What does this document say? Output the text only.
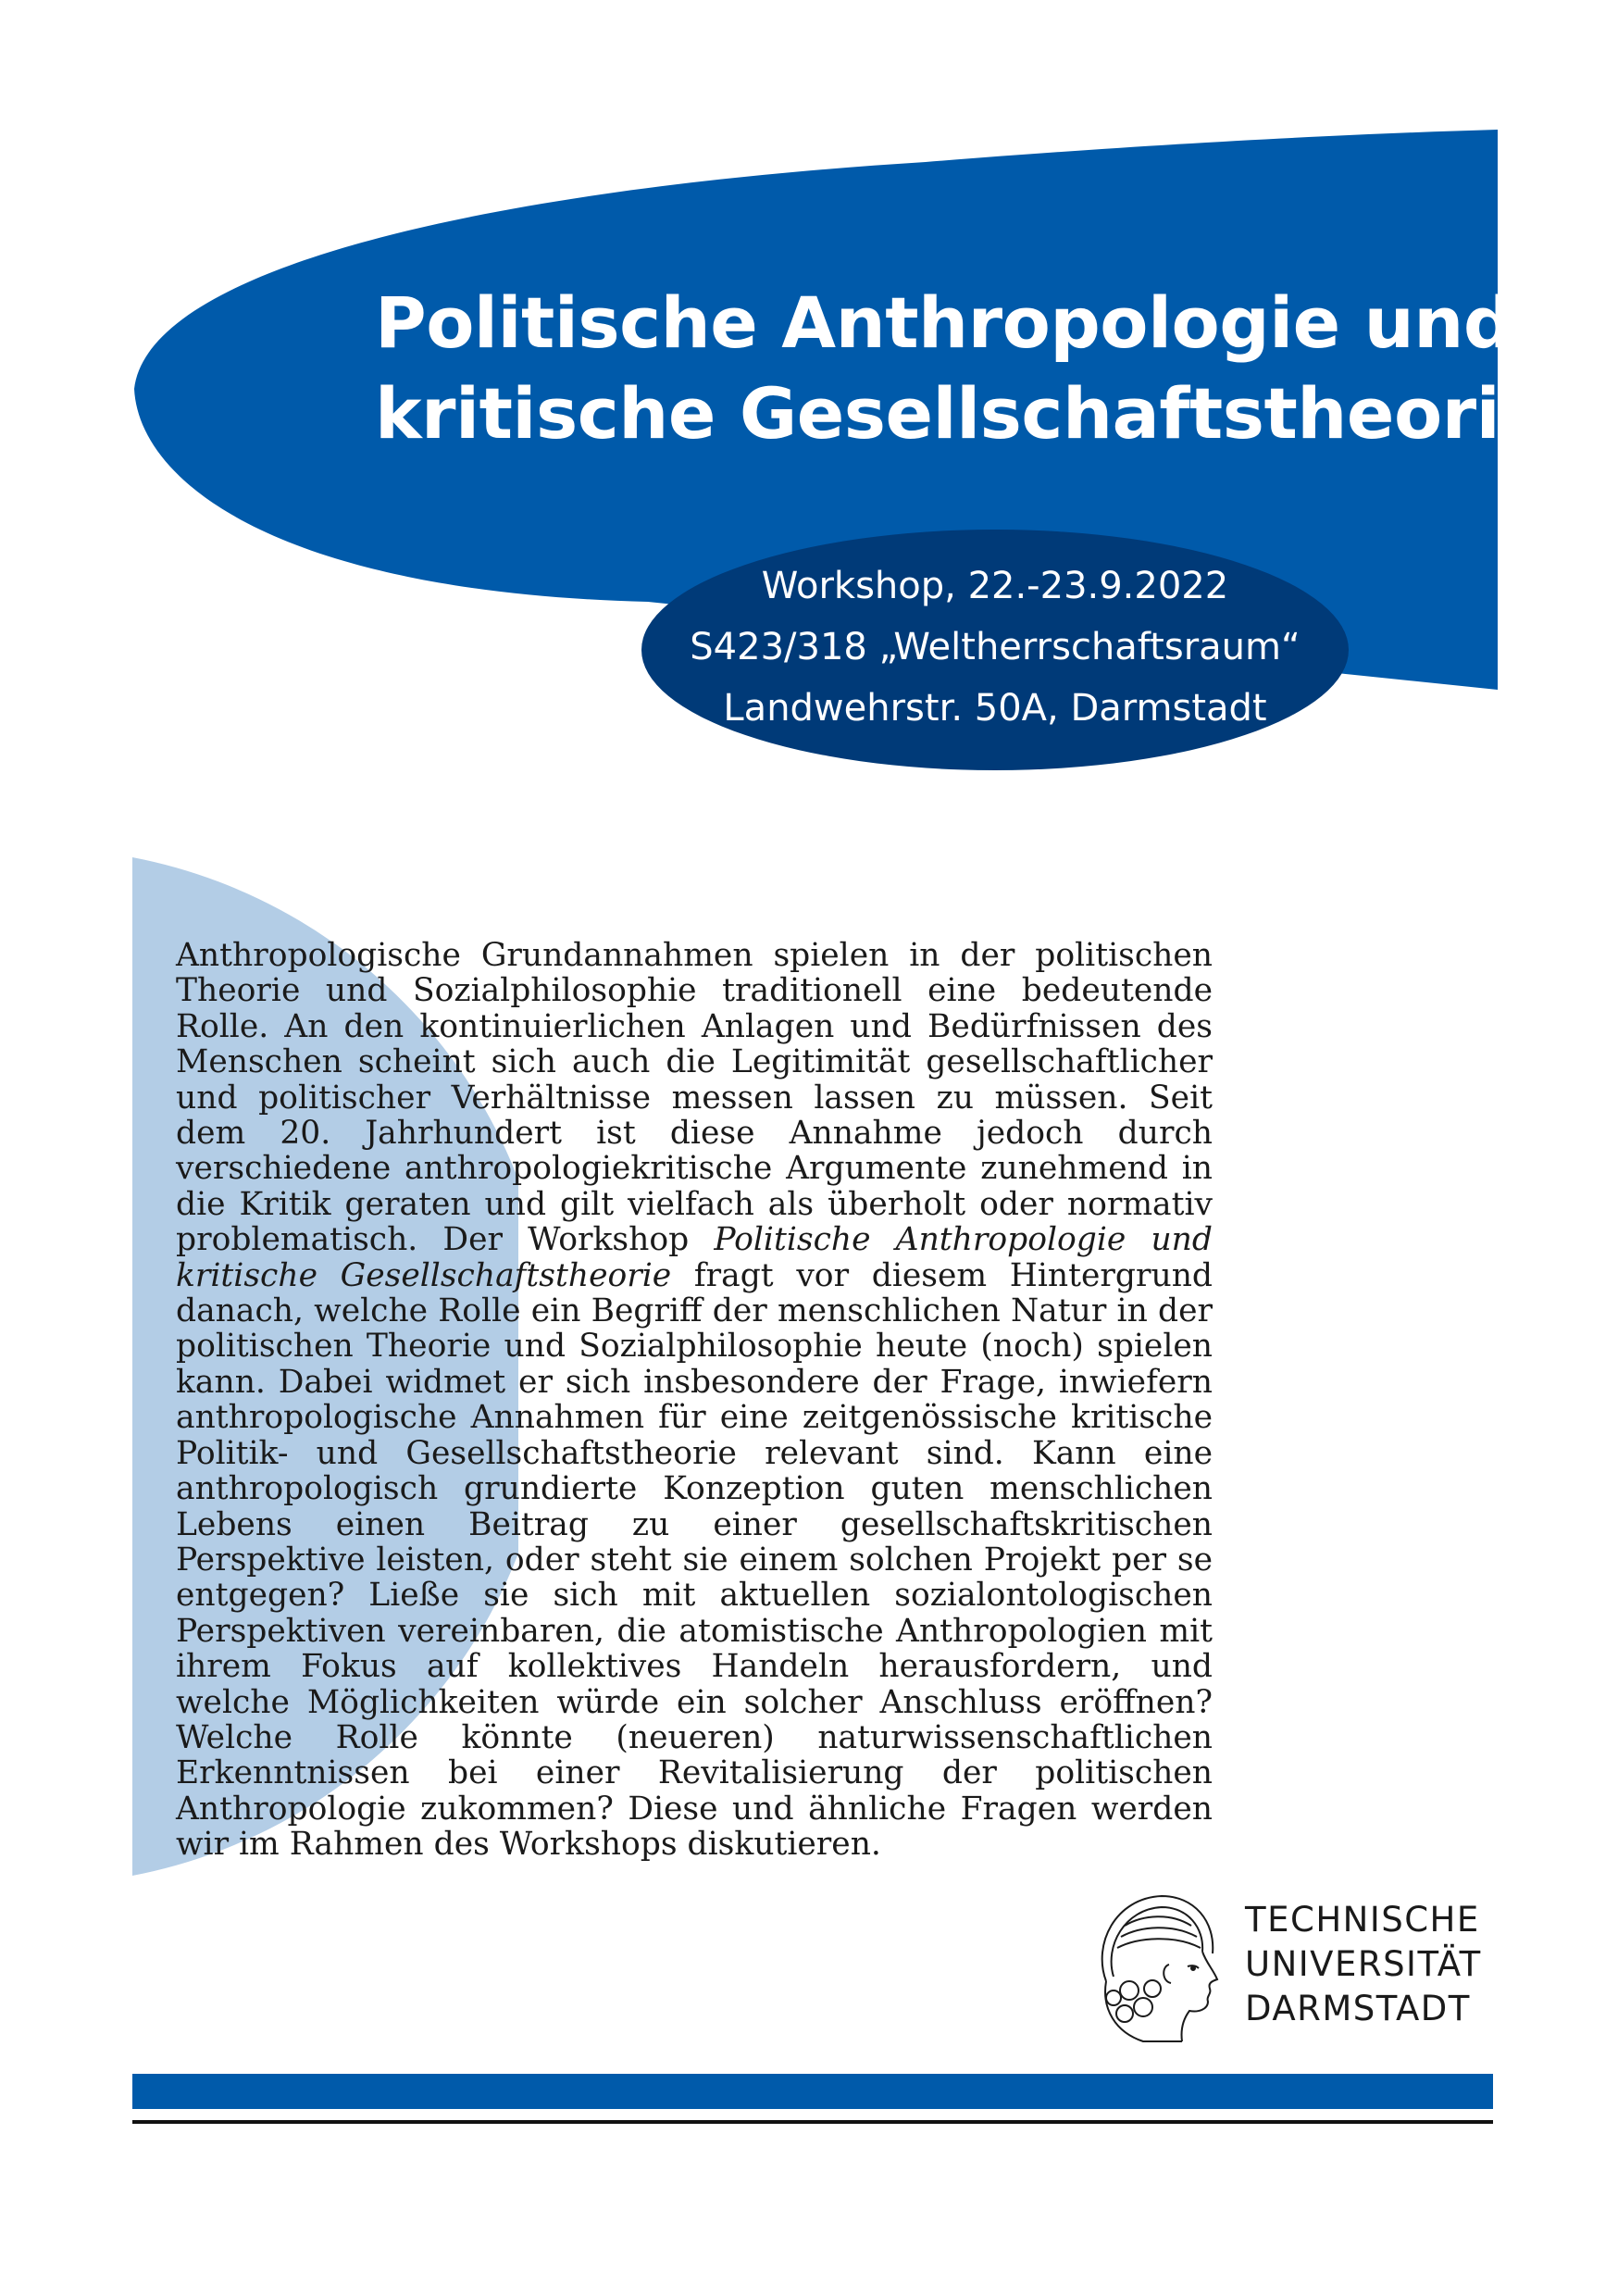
Politische Anthropologie und
kritische Gesellschaftstheorie
Workshop, 22.-23.9.2022
S423/318 „Weltherrschaftsraum“
Landwehrstr. 50A, Darmstadt
Anthropologische Grundannahmen spielen in der politischen Theorie und Sozialphilosophie traditionell eine bedeutende Rolle. An den kontinuierlichen Anlagen und Bedürfnissen des Menschen scheint sich auch die Legitimität gesellschaftlicher und politischer Verhältnisse messen lassen zu müssen. Seit dem 20. Jahrhundert ist diese Annahme jedoch durch verschiedene anthropologiekritische Argumente zunehmend in die Kritik geraten und gilt vielfach als überholt oder normativ problematisch. Der Workshop Politische Anthropologie und kritische Gesellschaftstheorie fragt vor diesem Hintergrund danach, welche Rolle ein Begriff der menschlichen Natur in der politischen Theorie und Sozialphilosophie heute (noch) spielen kann. Dabei widmet er sich insbesondere der Frage, inwiefern anthropologische Annahmen für eine zeitgenössische kritische Politik- und Gesellschaftstheorie relevant sind. Kann eine anthropologisch grundierte Konzeption guten menschlichen Lebens einen Beitrag zu einer gesellschaftskritischen Perspektive leisten, oder steht sie einem solchen Projekt per se entgegen? Ließe sie sich mit aktuellen sozialontologischen Perspektiven vereinbaren, die atomistische Anthropologien mit ihrem Fokus auf kollektives Handeln herausfordern, und welche Möglichkeiten würde ein solcher Anschluss eröffnen? Welche Rolle könnte (neueren) naturwissenschaftlichen Erkenntnissen bei einer Revitalisierung der politischen Anthropologie zukommen? Diese und ähnliche Fragen werden wir im Rahmen des Workshops diskutieren.
TECHNISCHE
UNIVERSITÄT
DARMSTADT
